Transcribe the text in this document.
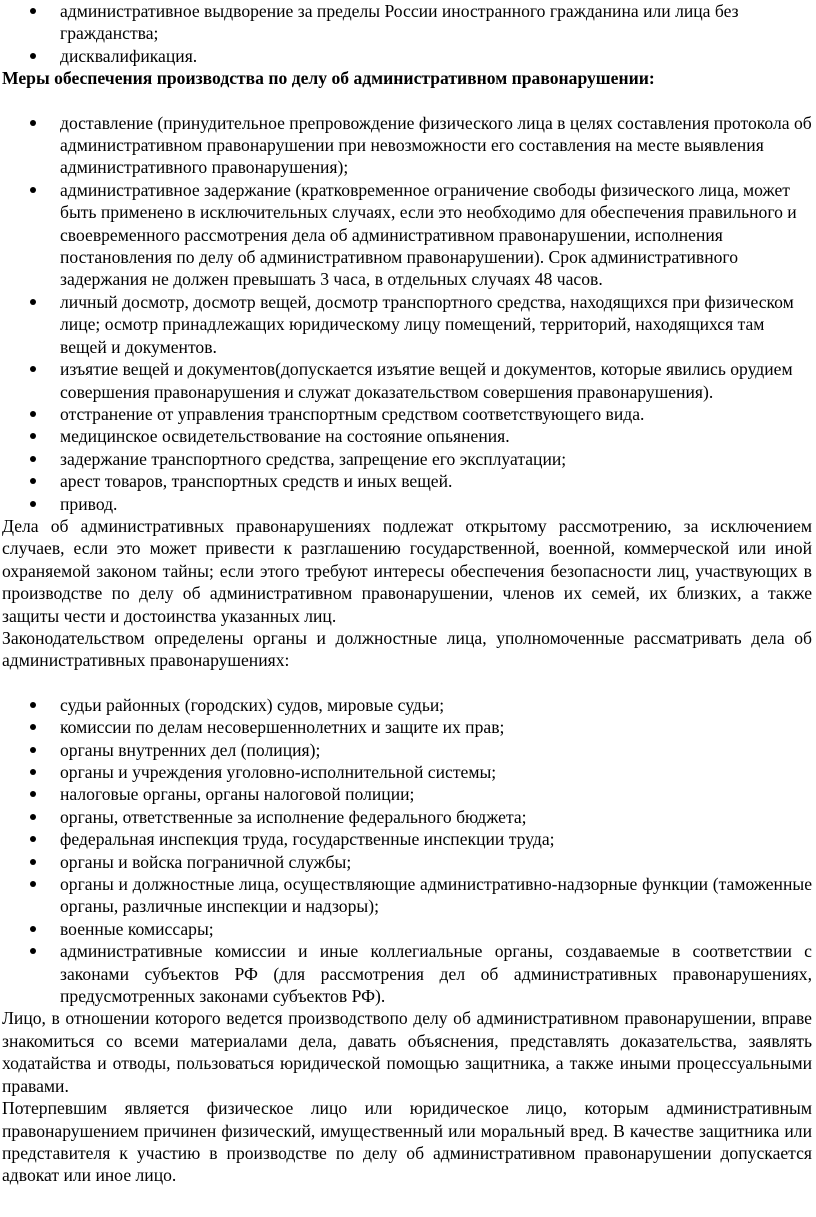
административное выдворение за пределы России иностранного гражданина или лица без гражданства;
дисквалификация.

Меры обеспечения производства по делу об административном правонарушении:

доставление (принудительное препровождение физического лица в целях составления протокола об административном правонарушении при невозможности его составления на месте выявления административного правонарушения);
административное задержание (кратковременное ограничение свободы физического лица, может быть применено в исключительных случаях, если это необходимо для обеспечения правильного и своевременного рассмотрения дела об административном правонарушении, исполнения постановления по делу об административном правонарушении). Срок административного задержания не должен превышать 3 часа, в отдельных случаях 48 часов.
личный досмотр, досмотр вещей, досмотр транспортного средства, находящихся при физическом лице; осмотр принадлежащих юридическому лицу помещений, территорий, находящихся там вещей и документов.
изъятие вещей и документов(допускается изъятие вещей и документов, которые явились орудием совершения правонарушения и служат доказательством совершения правонарушения).
отстранение от управления транспортным средством соответствующего вида.
медицинское освидетельствование на состояние опьянения.
задержание транспортного средства, запрещение его эксплуатации;
арест товаров, транспортных средств и иных вещей.
привод.

Дела об административных правонарушениях подлежат открытому рассмотрению, за исключением случаев, если это может привести к разглашению государственной, военной, коммерческой или иной охраняемой законом тайны; если этого требуют интересы обеспечения безопасности лиц, участвующих в производстве по делу об административном правонарушении, членов их семей, их близких, а также защиты чести и достоинства указанных лиц.

Законодательством определены органы и должностные лица, уполномоченные рассматривать дела об административных правонарушениях:

судьи районных (городских) судов, мировые судьи;
комиссии по делам несовершеннолетних и защите их прав;
органы внутренних дел (полиция);
органы и учреждения уголовно-исполнительной системы;
налоговые органы, органы налоговой полиции;
органы, ответственные за исполнение федерального бюджета;
федеральная инспекция труда, государственные инспекции труда;
органы и войска пограничной службы;
органы и должностные лица, осуществляющие административно-надзорные функции (таможенные органы, различные инспекции и надзоры);
военные комиссары;
административные комиссии и иные коллегиальные органы, создаваемые в соответствии с законами субъектов РФ (для рассмотрения дел об административных правонарушениях, предусмотренных законами субъектов РФ).

Лицо, в отношении которого ведется производствопо делу об административном правонарушении, вправе знакомиться со всеми материалами дела, давать объяснения, представлять доказательства, заявлять ходатайства и отводы, пользоваться юридической помощью защитника, а также иными процессуальными правами.

Потерпевшим является физическое лицо или юридическое лицо, которым административным правонарушением причинен физический, имущественный или моральный вред. В качестве защитника или представителя к участию в производстве по делу об административном правонарушении допускается адвокат или иное лицо.
